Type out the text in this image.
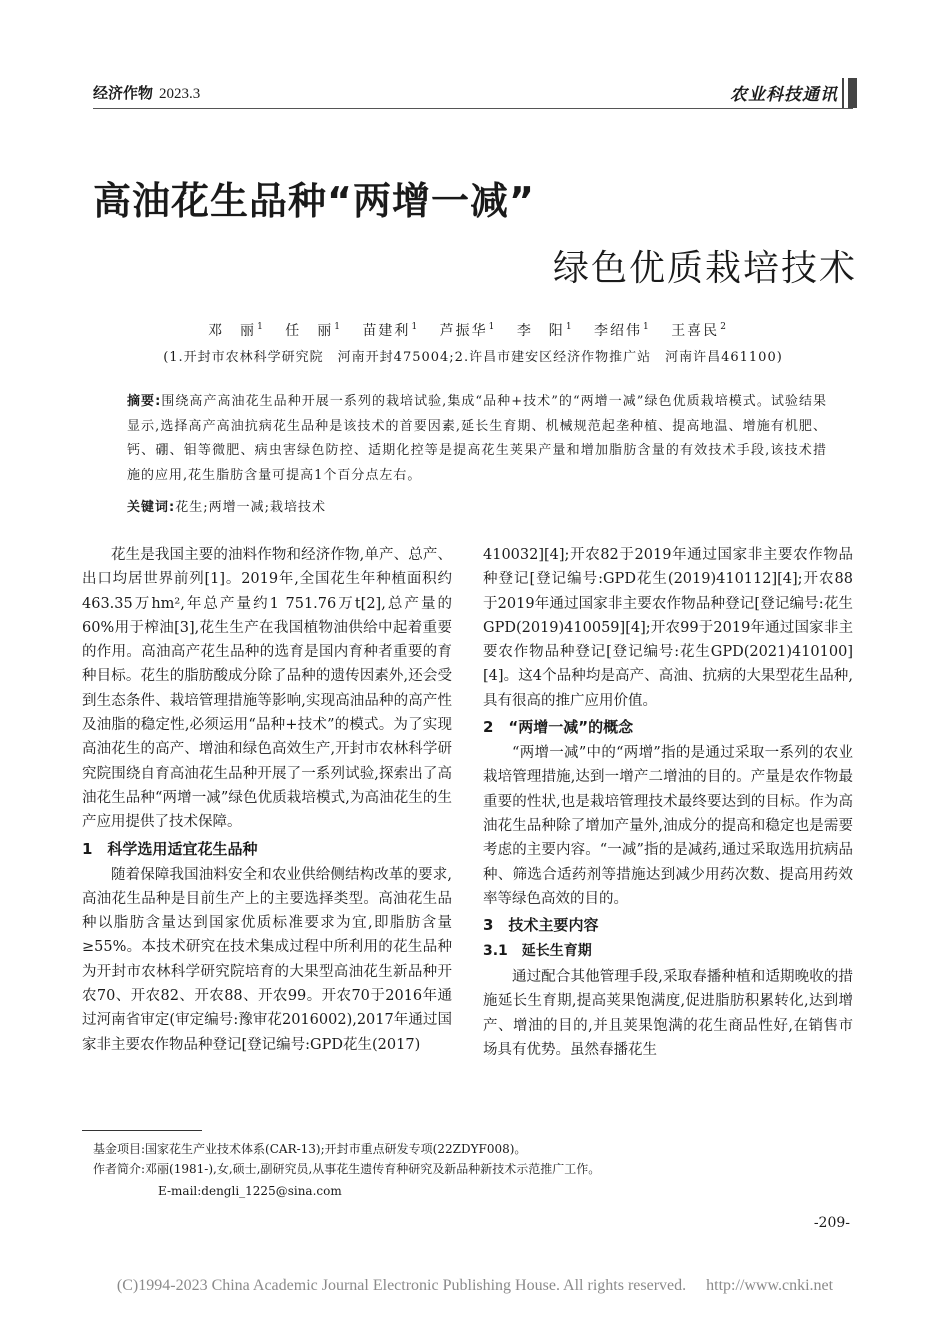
经济作物 2023.3	农业科技通讯
高油花生品种“两增一减”
绿色优质栽培技术
邓　丽$^1$ 任　丽$^1$ 苗建利$^1$ 芦振华$^1$ 李　阳$^1$ 李绍伟$^1$ 王喜民$^2$
(1.开封市农林科学研究院　河南开封475004;2.许昌市建安区经济作物推广站　河南许昌461100)
摘要:围绕高产高油花生品种开展一系列的栽培试验,集成“品种+技术”的“两增一减”绿色优质栽培模式。试验结果显示,选择高产高油抗病花生品种是该技术的首要因素,延长生育期、机械规范起垄种植、提高地温、增施有机肥、钙、硼、钼等微肥、病虫害绿色防控、适期化控等是提高花生荚果产量和增加脂肪含量的有效技术手段,该技术措施的应用,花生脂肪含量可提高1个百分点左右。
关键词:花生;两增一减;栽培技术

花生是我国主要的油料作物和经济作物,单产、总产、出口均居世界前列[1]。2019年,全国花生年种植面积约463.35万hm²,年总产量约1 751.76万t[2],总产量的60%用于榨油[3],花生生产在我国植物油供给中起着重要的作用。高油高产花生品种的选育是国内育种者重要的育种目标。花生的脂肪酸成分除了品种的遗传因素外,还会受到生态条件、栽培管理措施等影响,实现高油品种的高产性及油脂的稳定性,必须运用“品种+技术”的模式。为了实现高油花生的高产、增油和绿色高效生产,开封市农林科学研究院围绕自育高油花生品种开展了一系列试验,探索出了高油花生品种“两增一减”绿色优质栽培模式,为高油花生的生产应用提供了技术保障。

1　科学选用适宜花生品种

随着保障我国油料安全和农业供给侧结构改革的要求,高油花生品种是目前生产上的主要选择类型。高油花生品种以脂肪含量达到国家优质标准要求为宜,即脂肪含量≥55%。本技术研究在技术集成过程中所利用的花生品种为开封市农林科学研究院培育的大果型高油花生新品种开农70、开农82、开农88、开农99。开农70于2016年通过河南省审定(审定编号:豫审花2016002),2017年通过国家非主要农作物品种登记[登记编号:GPD花生(2017)

410032][4];开农82于2019年通过国家非主要农作物品种登记[登记编号:GPD花生(2019)410112][4];开农88于2019年通过国家非主要农作物品种登记[登记编号:花生GPD(2019)410059][4];开农99于2019年通过国家非主要农作物品种登记[登记编号:花生GPD(2021)410100][4]。这4个品种均是高产、高油、抗病的大果型花生品种,具有很高的推广应用价值。

2　“两增一减”的概念

“两增一减”中的“两增”指的是通过采取一系列的农业栽培管理措施,达到一增产二增油的目的。产量是农作物最重要的性状,也是栽培管理技术最终要达到的目标。作为高油花生品种除了增加产量外,油成分的提高和稳定也是需要考虑的主要内容。“一减”指的是减药,通过采取选用抗病品种、筛选合适药剂等措施达到减少用药次数、提高用药效率等绿色高效的目的。

3　技术主要内容
3.1　延长生育期

通过配合其他管理手段,采取春播种植和适期晚收的措施延长生育期,提高荚果饱满度,促进脂肪积累转化,达到增产、增油的目的,并且荚果饱满的花生商品性好,在销售市场具有优势。虽然春播花生

基金项目:国家花生产业技术体系(CAR-13);开封市重点研发专项(22ZDYF008)。
作者简介:邓丽(1981-),女,硕士,副研究员,从事花生遗传育种研究及新品种新技术示范推广工作。
E-mail:dengli_1225@sina.com
-209-
(C)1994-2023 China Academic Journal Electronic Publishing House. All rights reserved.　 http://www.cnki.net
